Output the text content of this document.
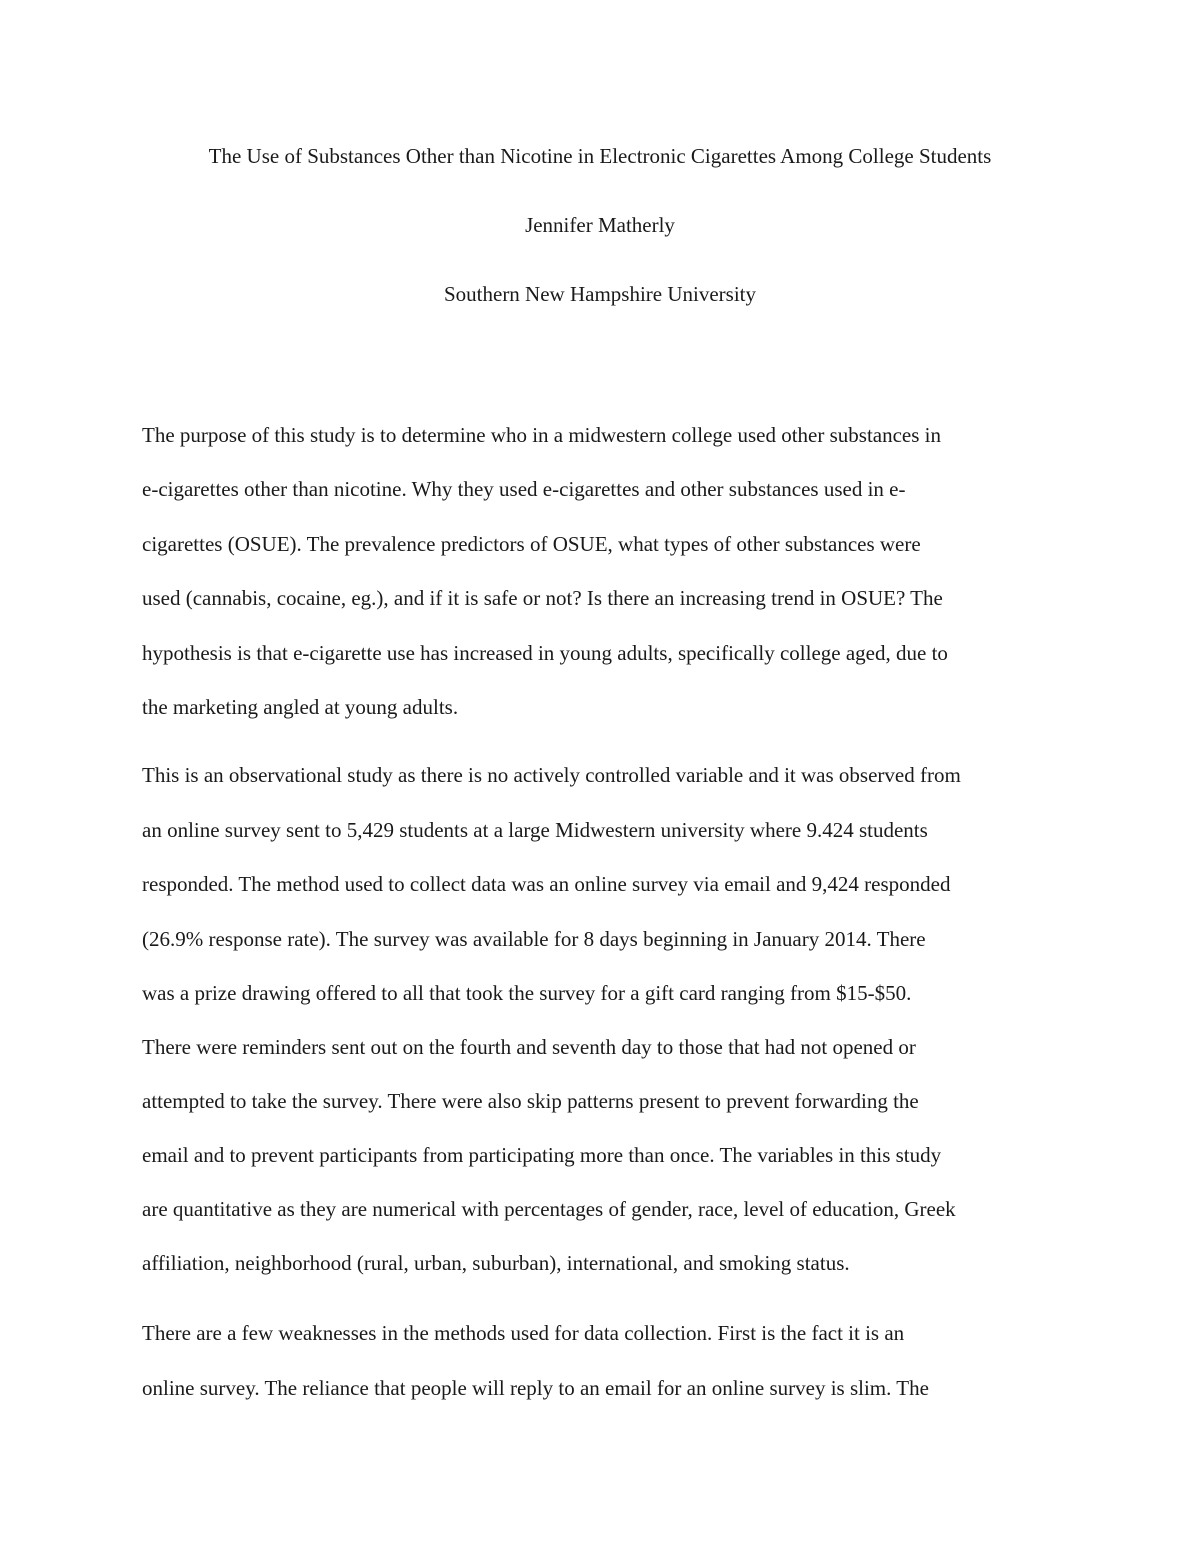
The Use of Substances Other than Nicotine in Electronic Cigarettes Among College Students
Jennifer Matherly
Southern New Hampshire University
The purpose of this study is to determine who in a midwestern college used other substances in
e-cigarettes other than nicotine. Why they used e-cigarettes and other substances used in e-
cigarettes (OSUE). The prevalence predictors of OSUE, what types of other substances were
used (cannabis, cocaine, eg.), and if it is safe or not? Is there an increasing trend in OSUE? The
hypothesis is that e-cigarette use has increased in young adults, specifically college aged, due to
the marketing angled at young adults.
This is an observational study as there is no actively controlled variable and it was observed from
an online survey sent to 5,429 students at a large Midwestern university where 9.424 students
responded. The method used to collect data was an online survey via email and 9,424 responded
(26.9% response rate). The survey was available for 8 days beginning in January 2014. There
was a prize drawing offered to all that took the survey for a gift card ranging from $15-$50.
There were reminders sent out on the fourth and seventh day to those that had not opened or
attempted to take the survey. There were also skip patterns present to prevent forwarding the
email and to prevent participants from participating more than once. The variables in this study
are quantitative as they are numerical with percentages of gender, race, level of education, Greek
affiliation, neighborhood (rural, urban, suburban), international, and smoking status.
There are a few weaknesses in the methods used for data collection. First is the fact it is an
online survey. The reliance that people will reply to an email for an online survey is slim. The
